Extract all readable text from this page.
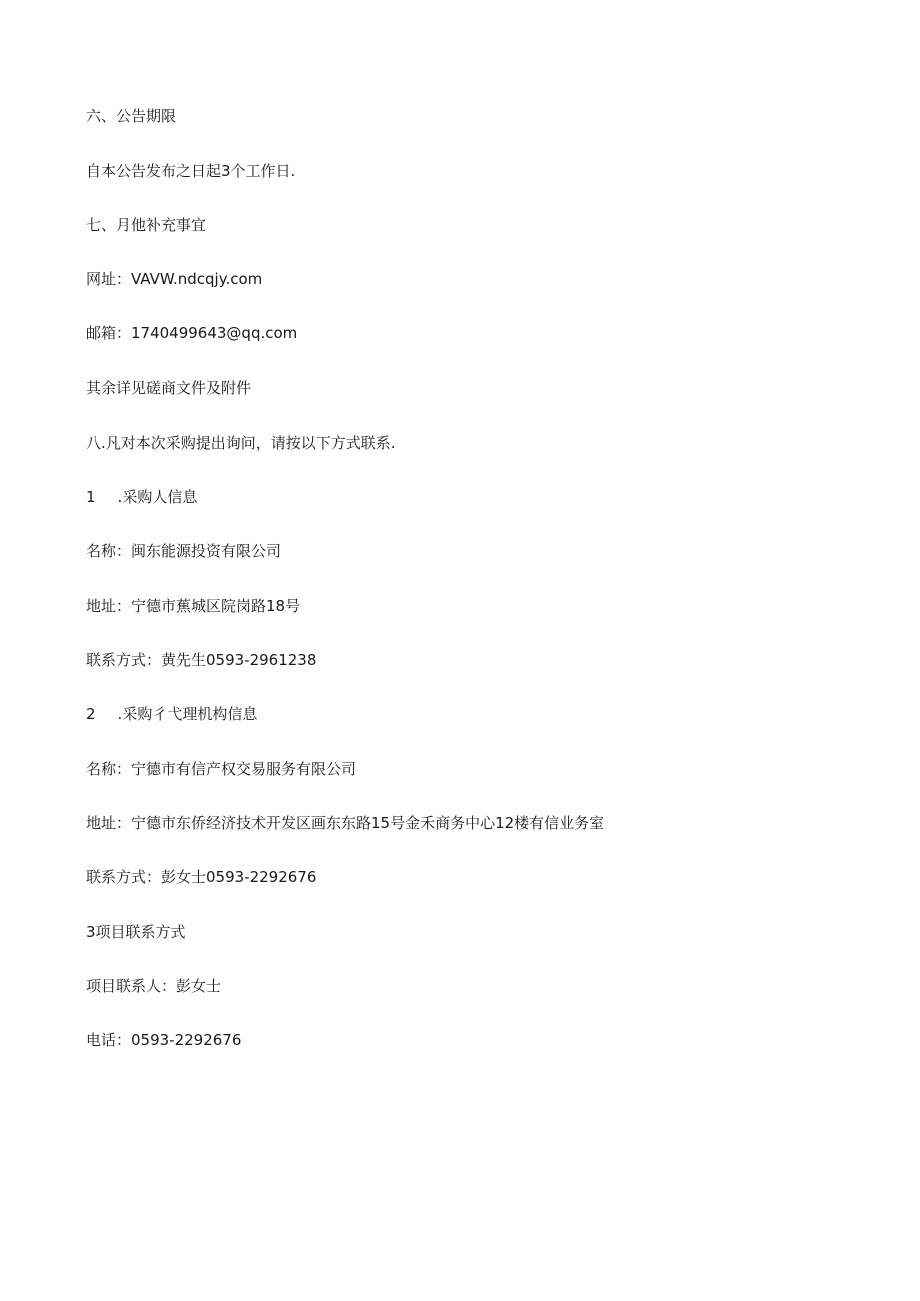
六、公告期限
自本公告发布之日起3个工作日.
七、月他补充事宜
网址：VAVW.ndcqjy.com
邮箱：1740499643@qq.com
其余详见磋商文件及附件
八.凡对本次采购提出询问，请按以下方式联系.
1 .采购人信息
名称：闽东能源投资有限公司
地址：宁德市蕉城区院岗路18号
联系方式：黄先生0593-2961238
2 .采购彳弋理机构信息
名称：宁德市有信产权交易服务有限公司
地址：宁德市东侨经济技术开发区画东东路15号金禾商务中心12楼有信业务室
联系方式：彭女士0593-2292676
3项目联系方式
项目联系人：彭女士
电话：0593-2292676
